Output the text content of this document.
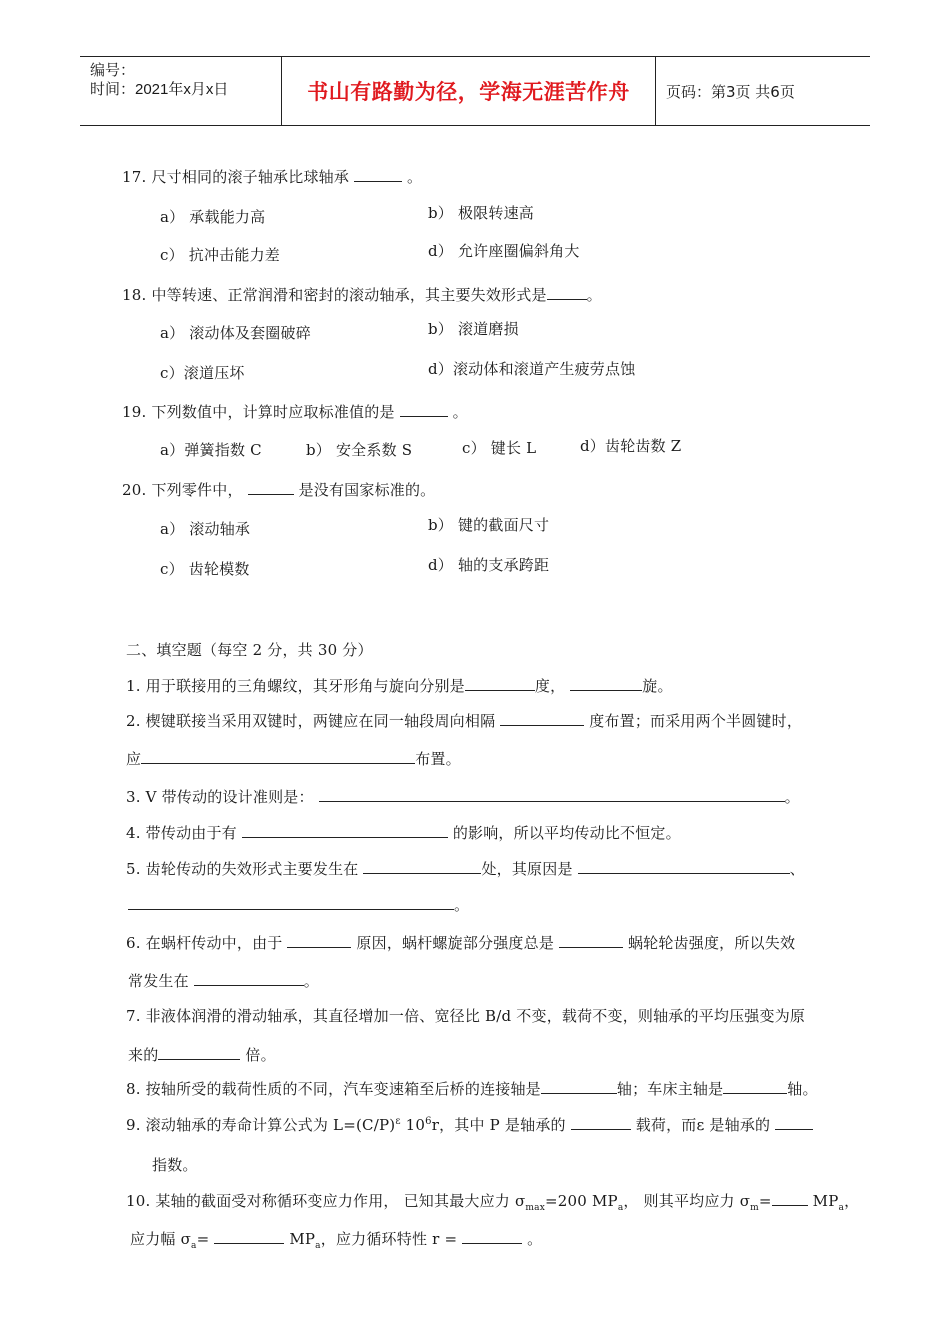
编号：
时间：2021年x月x日	书山有路勤为径，学海无涯苦作舟	页码：第3页 共6页
17. 尺寸相同的滚子轴承比球轴承	。
a） 承载能力高	b） 极限转速高
c） 抗冲击能力差	d） 允许座圈偏斜角大
18. 中等转速、正常润滑和密封的滚动轴承，其主要失效形式是	。
a） 滚动体及套圈破碎	b） 滚道磨损
c）滚道压坏	d）滚动体和滚道产生疲劳点蚀
19. 下列数值中，计算时应取标准值的是	。
a）弹簧指数 C	b） 安全系数 S	c） 键长 L	d）齿轮齿数 Z
20. 下列零件中，	是没有国家标准的。
a） 滚动轴承	b） 键的截面尺寸
c） 齿轮模数	d） 轴的支承跨距
二、填空题（每空 2 分，共 30 分）
1. 用于联接用的三角螺纹，其牙形角与旋向分别是	度，	旋。
2. 楔键联接当采用双键时，两键应在同一轴段周向相隔	度布置；而采用两个半圆键时，
应	布置。
3. V 带传动的设计准则是：	。
4. 带传动由于有	的影响，所以平均传动比不恒定。
5. 齿轮传动的失效形式主要发生在	处，其原因是	、
。
6. 在蜗杆传动中，由于	原因，蜗杆螺旋部分强度总是	蜗轮轮齿强度，所以失效
常发生在	。
7. 非液体润滑的滑动轴承，其直径增加一倍、宽径比 B/d 不变，载荷不变，则轴承的平均压强变为原
来的	倍。
8. 按轴所受的载荷性质的不同，汽车变速箱至后桥的连接轴是	轴；车床主轴是	轴。
9. 滚动轴承的寿命计算公式为 $L=(C/P)^\varepsilon$ $10^6r$，其中 P 是轴承的	载荷，而ε 是轴承的
指数。
10. 某轴的截面受对称循环变应力作用， 已知其最大应力 $\sigma_{max}=200$ $MP_a$， 则其平均应力 $\sigma_m=$	$MP_a$，
应力幅 $\sigma_a=$	$MP_a$，应力循环特性 r =	。
